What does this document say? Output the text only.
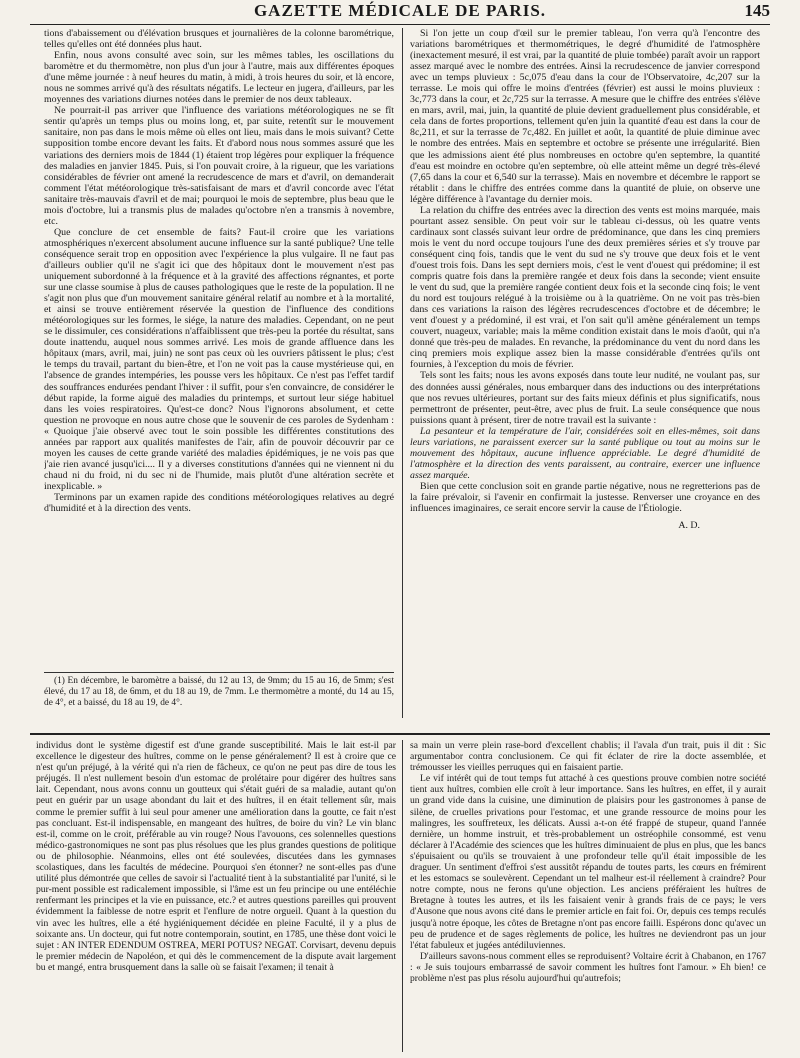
GAZETTE MÉDICALE DE PARIS.	145

tions d'abaissement ou d'élévation brusques et journalières de la colonne barométrique, telles qu'elles ont été données plus haut.

Enfin, nous avons consulté avec soin, sur les mêmes tables, les oscillations du baromètre et du thermomètre, non plus d'un jour à l'autre, mais aux différentes époques d'une même journée : à neuf heures du matin, à midi, à trois heures du soir, et là encore, nous ne sommes arrivé qu'à des résultats négatifs. Le lecteur en jugera, d'ailleurs, par les moyennes des variations diurnes notées dans le premier de nos deux tableaux.

Ne pourrait-il pas arriver que l'influence des variations météorologiques ne se fît sentir qu'après un temps plus ou moins long, et, par suite, retentît sur le mouvement sanitaire, non pas dans le mois même où elles ont lieu, mais dans le mois suivant? Cette supposition tombe encore devant les faits. Et d'abord nous nous sommes assuré que les variations des derniers mois de 1844 (1) étaient trop légères pour expliquer la fréquence des maladies en janvier 1845. Puis, si l'on pouvait croire, à la rigueur, que les variations considérables de février ont amené la recrudescence de mars et d'avril, on demanderait comment l'état météorologique très-satisfaisant de mars et d'avril concorde avec l'état sanitaire très-mauvais d'avril et de mai; pourquoi le mois de septembre, plus beau que le mois d'octobre, lui a transmis plus de malades qu'octobre n'en a transmis à novembre, etc.

Que conclure de cet ensemble de faits? Faut-il croire que les variations atmosphériques n'exercent absolument aucune influence sur la santé publique? Une telle conséquence serait trop en opposition avec l'expérience la plus vulgaire. Il ne faut pas d'ailleurs oublier qu'il ne s'agit ici que des hôpitaux dont le mouvement n'est pas uniquement subordonné à la fréquence et à la gravité des affections régnantes, et porte sur une classe soumise à plus de causes pathologiques que le reste de la population. Il ne s'agit non plus que d'un mouvement sanitaire général relatif au nombre et à la mortalité, et ainsi se trouve entièrement réservée la question de l'influence des conditions météorologiques sur les formes, le siége, la nature des maladies. Cependant, on ne peut se le dissimuler, ces considérations n'affaiblissent que très-peu la portée du résultat, sans doute inattendu, auquel nous sommes arrivé. Les mois de grande affluence dans les hôpitaux (mars, avril, mai, juin) ne sont pas ceux où les ouvriers pâtissent le plus; c'est le temps du travail, partant du bien-être, et l'on ne voit pas la cause mystérieuse qui, en l'absence de grandes intempéries, les pousse vers les hôpitaux. Ce n'est pas l'effet tardif des souffrances endurées pendant l'hiver : il suffit, pour s'en convaincre, de considérer le début rapide, la forme aiguë des maladies du printemps, et surtout leur siége habituel dans les voies respiratoires. Qu'est-ce donc? Nous l'ignorons absolument, et cette question ne provoque en nous autre chose que le souvenir de ces paroles de Sydenham : « Quoique j'aie observé avec tout le soin possible les différentes constitutions des années par rapport aux qualités manifestes de l'air, afin de pouvoir découvrir par ce moyen les causes de cette grande variété des maladies épidémiques, je ne vois pas que j'aie rien avancé jusqu'ici.... Il y a diverses constitutions d'années qui ne viennent ni du chaud ni du froid, ni du sec ni de l'humide, mais plutôt d'une altération secrète et inexplicable. »

Terminons par un examen rapide des conditions météorologiques relatives au degré d'humidité et à la direction des vents.

(1) En décembre, le baromètre a baissé, du 12 au 13, de 9mm; du 15 au 16, de 5mm; s'est élevé, du 17 au 18, de 6mm, et du 18 au 19, de 7mm. Le thermomètre a monté, du 14 au 15, de 4°, et a baissé, du 18 au 19, de 4°.

Si l'on jette un coup d'œil sur le premier tableau, l'on verra qu'à l'encontre des variations barométriques et thermométriques, le degré d'humidité de l'atmosphère (inexactement mesuré, il est vrai, par la quantité de pluie tombée) paraît avoir un rapport assez marqué avec le nombre des entrées. Ainsi la recrudescence de janvier correspond avec un temps pluvieux : 5c,075 d'eau dans la cour de l'Observatoire, 4c,207 sur la terrasse. Le mois qui offre le moins d'entrées (février) est aussi le moins pluvieux : 3c,773 dans la cour, et 2c,725 sur la terrasse. A mesure que le chiffre des entrées s'élève en mars, avril, mai, juin, la quantité de pluie devient graduellement plus considérable, et cela dans de fortes proportions, tellement qu'en juin la quantité d'eau est dans la cour de 8c,211, et sur la terrasse de 7c,482. En juillet et août, la quantité de pluie diminue avec le nombre des entrées. Mais en septembre et octobre se présente une irrégularité. Bien que les admissions aient été plus nombreuses en octobre qu'en septembre, la quantité d'eau est moindre en octobre qu'en septembre, où elle atteint même un degré très-élevé (7,65 dans la cour et 6,540 sur la terrasse). Mais en novembre et décembre le rapport se rétablit : dans le chiffre des entrées comme dans la quantité de pluie, on observe une légère différence à l'avantage du dernier mois.

La relation du chiffre des entrées avec la direction des vents est moins marquée, mais pourtant assez sensible. On peut voir sur le tableau ci-dessus, où les quatre vents cardinaux sont classés suivant leur ordre de prédominance, que dans les cinq premiers mois le vent du nord occupe toujours l'une des deux premières séries et s'y trouve par conséquent cinq fois, tandis que le vent du sud ne s'y trouve que deux fois et le vent d'ouest trois fois. Dans les sept derniers mois, c'est le vent d'ouest qui prédomine; il est compris quatre fois dans la première rangée et deux fois dans la seconde; vient ensuite le vent du sud, que la première rangée contient deux fois et la seconde cinq fois; le vent du nord est toujours relégué à la troisième ou à la quatrième. On ne voit pas très-bien dans ces variations la raison des légères recrudescences d'octobre et de décembre; le vent d'ouest y a prédominé, il est vrai, et l'on sait qu'il amène généralement un temps couvert, nuageux, variable; mais la même condition existait dans le mois d'août, qui n'a donné que très-peu de malades. En revanche, la prédominance du vent du nord dans les cinq premiers mois explique assez bien la masse considérable d'entrées qu'ils ont fournies, à l'exception du mois de février.

Tels sont les faits; nous les avons exposés dans toute leur nudité, ne voulant pas, sur des données aussi générales, nous embarquer dans des inductions ou des interprétations que nos revues ultérieures, portant sur des faits mieux définis et plus significatifs, nous permettront de présenter, peut-être, avec plus de fruit. La seule conséquence que nous puissions quant à présent, tirer de notre travail est la suivante :

La pesanteur et la température de l'air, considérées soit en elles-mêmes, soit dans leurs variations, ne paraissent exercer sur la santé publique ou tout au moins sur le mouvement des hôpitaux, aucune influence appréciable. Le degré d'humidité de l'atmosphère et la direction des vents paraissent, au contraire, exercer une influence assez marquée.

Bien que cette conclusion soit en grande partie négative, nous ne regretterions pas de la faire prévaloir, si l'avenir en confirmait la justesse. Renverser une croyance en des influences imaginaires, ce serait encore servir la cause de l'Étiologie.

A. D.

individus dont le système digestif est d'une grande susceptibilité. Mais le lait est-il par excellence le digesteur des huîtres, comme on le pense généralement? Il est à croire que ce n'est qu'un préjugé, à la vérité qui n'a rien de fâcheux, ce qu'on ne peut pas dire de tous les préjugés. Il n'est nullement besoin d'un estomac de prolétaire pour digérer des huîtres sans lait. Cependant, nous avons connu un goutteux qui s'était guéri de sa maladie, autant qu'on peut en guérir par un usage abondant du lait et des huîtres, il en était tellement sûr, mais comme le premier suffit à lui seul pour amener une amélioration dans la goutte, ce fait n'est pas concluant. Est-il indispensable, en mangeant des huîtres, de boire du vin? Le vin blanc est-il, comme on le croit, préférable au vin rouge? Nous l'avouons, ces solennelles questions médico-gastronomiques ne sont pas plus résolues que les plus grandes questions de politique ou de philosophie. Néanmoins, elles ont été soulevées, discutées dans les gymnases scolastiques, dans les facultés de médecine. Pourquoi s'en étonner? ne sont-elles pas d'une utilité plus démontrée que celles de savoir si l'actualité tient à la substantialité par l'unité, si le pur-ment possible est radicalement impossible, si l'âme est un feu principe ou une entéléchie renfermant les principes et la vie en puissance, etc.? et autres questions pareilles qui prouvent évidemment la faiblesse de notre esprit et l'enflure de notre orgueil. Quant à la question du vin avec les huîtres, elle a été hygiéniquement décidée en pleine Faculté, il y a plus de soixante ans. Un docteur, qui fut notre contemporain, soutint, en 1785, une thèse dont voici le sujet : AN INTER EDENDUM OSTREA, MERI POTUS? NEGAT. Corvisart, devenu depuis le premier médecin de Napoléon, et qui dès le commencement de la dispute avait largement bu et mangé, entra brusquement dans la salle où se faisait l'examen; il tenait à

sa main un verre plein rase-bord d'excellent chablis; il l'avala d'un trait, puis il dit : Sic argumentabor contra conclusionem. Ce qui fit éclater de rire la docte assemblée, et trémousser les vieilles perruques qui en faisaient partie.

Le vif intérêt qui de tout temps fut attaché à ces questions prouve combien notre société tient aux huîtres, combien elle croît à leur importance. Sans les huîtres, en effet, il y aurait un grand vide dans la cuisine, une diminution de plaisirs pour les gastronomes à panse de silène, de cruelles privations pour l'estomac, et une grande ressource de moins pour les malingres, les souffreteux, les délicats. Aussi a-t-on été frappé de stupeur, quand l'année dernière, un homme instruit, et très-probablement un ostréophile consommé, est venu déclarer à l'Académie des sciences que les huîtres diminuaient de plus en plus, que les bancs s'épuisaient ou qu'ils se trouvaient à une profondeur telle qu'il était impossible de les draguer. Un sentiment d'effroi s'est aussitôt répandu de toutes parts, les cœurs en frémirent et les estomacs se soulevèrent. Cependant un tel malheur est-il réellement à craindre? Pour notre compte, nous ne ferons qu'une objection. Les anciens préféraient les huîtres de Bretagne à toutes les autres, et ils les faisaient venir à grands frais de ce pays; le vers d'Ausone que nous avons cité dans le premier article en fait foi. Or, depuis ces temps reculés jusqu'à notre époque, les côtes de Bretagne n'ont pas encore failli. Espérons donc qu'avec un peu de prudence et de sages règlements de police, les huîtres ne deviendront pas un jour l'état fabuleux et jugées antédiluviennes.

D'ailleurs savons-nous comment elles se reproduisent? Voltaire écrit à Chabanon, en 1767 : « Je suis toujours embarrassé de savoir comment les huîtres font l'amour. » Eh bien! ce problème n'est pas plus résolu aujourd'hui qu'autrefois;
